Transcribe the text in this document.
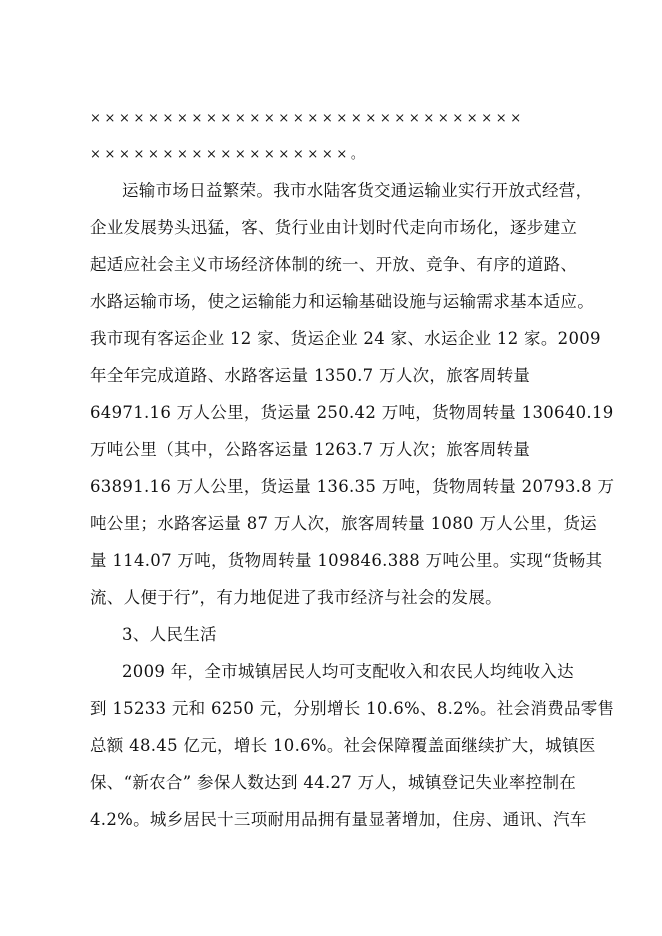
××××××××××××××××××××××××××××××
××××××××××××××××××。
运输市场日益繁荣。我市水陆客货交通运输业实行开放式经营，
企业发展势头迅猛，客、货行业由计划时代走向市场化，逐步建立
起适应社会主义市场经济体制的统一、开放、竞争、有序的道路、
水路运输市场，使之运输能力和运输基础设施与运输需求基本适应。
我市现有客运企业 12 家、货运企业 24 家、水运企业 12 家。2009
年全年完成道路、水路客运量 1350.7 万人次，旅客周转量
64971.16 万人公里，货运量 250.42 万吨，货物周转量 130640.19
万吨公里（其中，公路客运量 1263.7 万人次；旅客周转量
63891.16 万人公里，货运量 136.35 万吨，货物周转量 20793.8 万
吨公里；水路客运量 87 万人次，旅客周转量 1080 万人公里，货运
量 114.07 万吨，货物周转量 109846.388 万吨公里。实现“货畅其
流、人便于行”，有力地促进了我市经济与社会的发展。
3、人民生活
2009 年，全市城镇居民人均可支配收入和农民人均纯收入达
到 15233 元和 6250 元，分别增长 10.6%、8.2%。社会消费品零售
总额 48.45 亿元，增长 10.6%。社会保障覆盖面继续扩大，城镇医
保、“新农合” 参保人数达到 44.27 万人，城镇登记失业率控制在
4.2%。城乡居民十三项耐用品拥有量显著增加，住房、通讯、汽车
